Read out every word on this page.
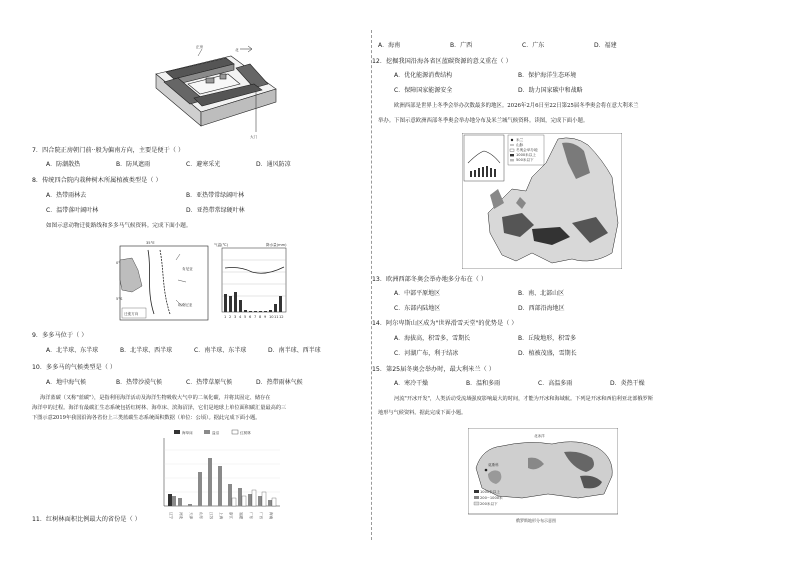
正房
北
大门
7．四合院正房朝门前··般为偏南方向，主要是便于（ ）
A．防潮散热	B．防风遮雨	C．避寒采光	D．通风防凉
8．传统四合院内栽种树木所属植被类型是（ ）
A．热带雨林去	B．亚热带常绿阔叶林
C．温带落叶阔叶林	D．亚热带常绿硬叶林
如图示意动物迁徙路线和多多马气候资料。完成下面小题。
肯尼亚
坦桑尼亚
迁徙方向
35°E
0°
5°S
气温(℃)	降水量(mm)
1 2 3 4 5 6 7 8 9 10 11 12
9．多多马位于（ ）
A．北半球、东半球	B．北半球、西半球	C．南半球、东半球	D．南半球、西半球
10．多多马的气候类型是（ ）
A．地中海气候	B．热带沙漠气候	C．热带草原气候	D．热带雨林气候
海洋蓝碳（又称"蓝碳"），是指利用海洋活动及海洋生物吸收大气中的二氧化碳，并将其固定、储存在
海洋中的过程。海洋有最碳汇生态系统包括红树林、海草床、滨海沼泽，它们是地球上单位面积碳汇量最高的三
下图示意2019年我国沿海各省份上三类蓝碳生态系统面积数据（单位：公顷）。据此完成下面小题。
海草床	盐沼	红树林
辽宁 河北 天津 山东 江苏 上海 浙江 福建 广东 广西 海南
11．红树林面积比例最大的省份是（ ）
A．海南	B．广西	C．广东	D．福建
12．挖掘我国沿海各省区蓝碳资源的意义重在（ ）
A．优化能源消费结构	B．保护海洋生态环境
C．保障国家能源安全	D．助力国家碳中和战略
欧洲西部是世界上冬季会举办次数最多的地区。2026年2月6日至22日第25届冬季奥会将在意大利米兰
举办。下图示意欧洲西部冬季奥会举办地分布及米兰城气候资料。读图，完成下面小题。
米兰
山脉
冬奥会举办地
1000米以上
500米以下
13．欧洲西部冬奥会举办地多分布在（ ）
A．中部平原地区	B．南、北部山区
C．东部内陆地区	D．西部沿海地区
14．阿尔卑斯山区成为"世界滑雪天堂"的优势是（ ）
A．海拔高，积雪多，雪期长	B．丘陵地形，积雪多
C．河湖广布，利于结冰	D．植被茂盛，雪期长
15．第25届冬奥会举办时，最大利米兰（ ）
A．寒冷干燥	B．温和多雨	C．高温多雨	D．炎热干燥
河流"开冰开发"，人类活动受流域强度影响最大的时间，才能为开冰和海域航。下列是开冰和西伯利亚北部俄罗斯
地形与气候资料。据此完成下面小题。
北冰洋
莫斯科
1000米以上
200~1000米
200米以下
俄罗斯地形分布示意图
